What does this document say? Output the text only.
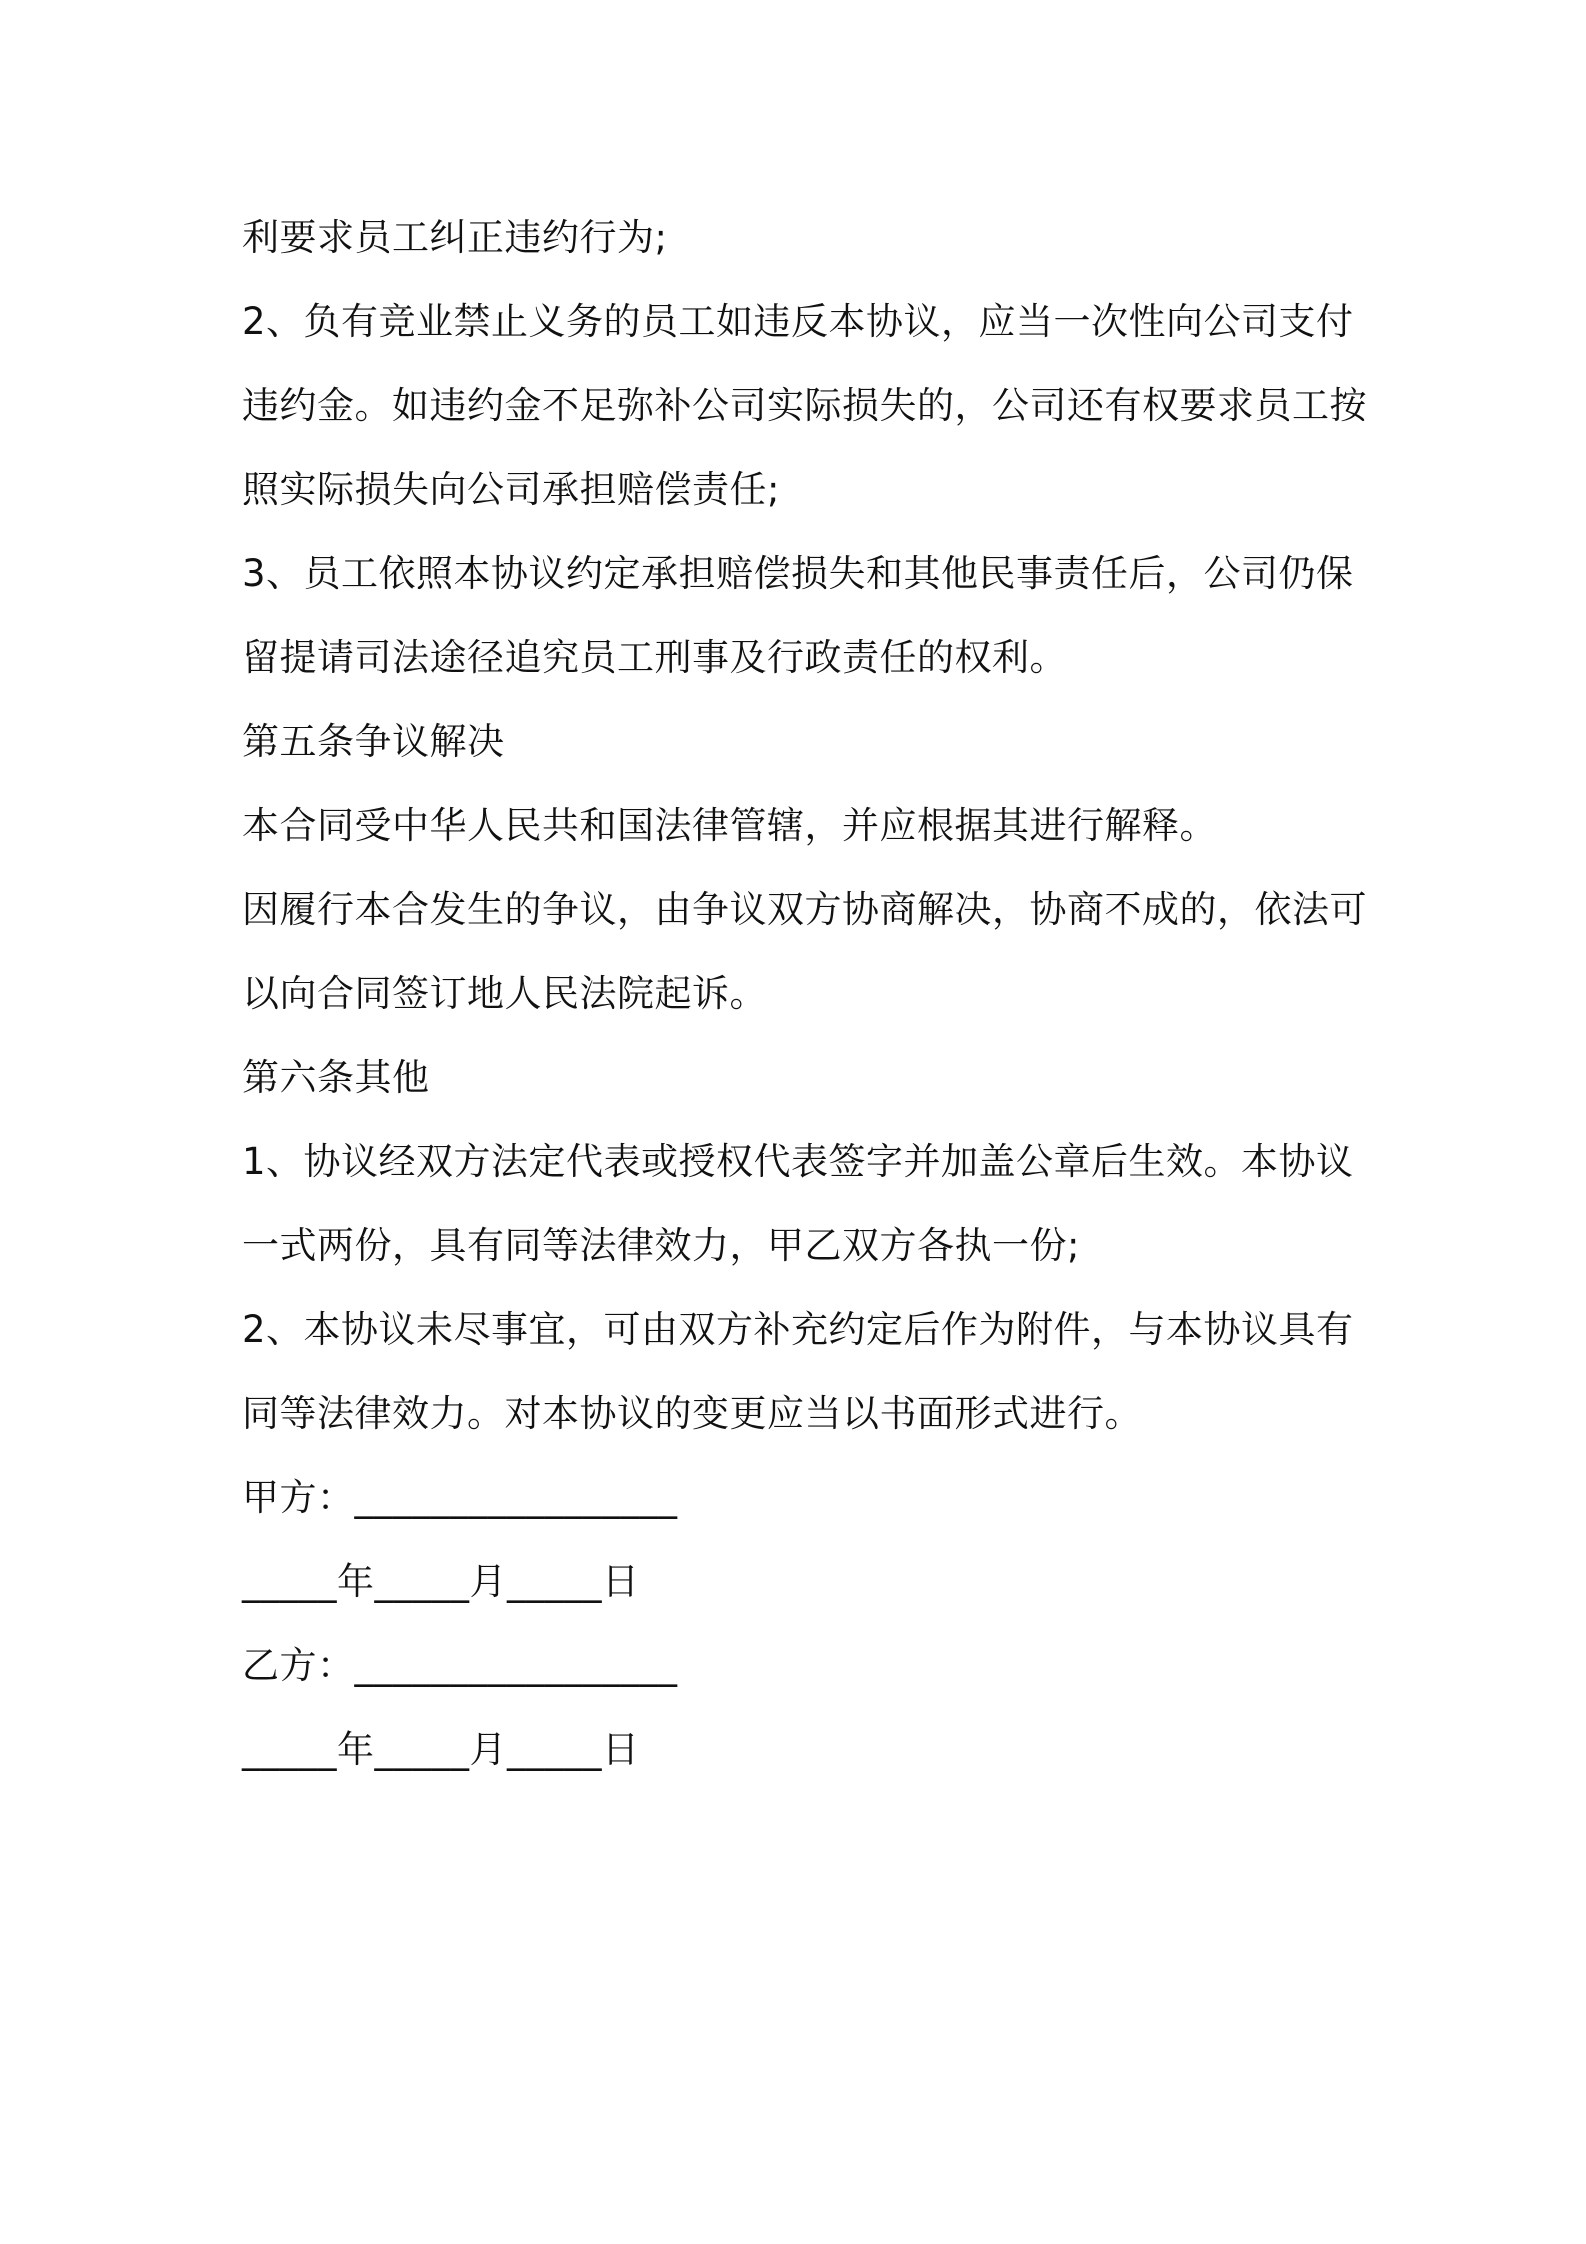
利要求员工纠正违约行为;
2、负有竞业禁止义务的员工如违反本协议，应当一次性向公司支付
违约金。如违约金不足弥补公司实际损失的，公司还有权要求员工按
照实际损失向公司承担赔偿责任;
3、员工依照本协议约定承担赔偿损失和其他民事责任后，公司仍保
留提请司法途径追究员工刑事及行政责任的权利。
第五条争议解决
本合同受中华人民共和国法律管辖，并应根据其进行解释。
因履行本合发生的争议，由争议双方协商解决，协商不成的，依法可
以向合同签订地人民法院起诉。
第六条其他
1、协议经双方法定代表或授权代表签字并加盖公章后生效。本协议
一式两份，具有同等法律效力，甲乙双方各执一份;
2、本协议未尽事宜，可由双方补充约定后作为附件，与本协议具有
同等法律效力。对本协议的变更应当以书面形式进行。
甲方：_________________
_____年_____月_____日
乙方：_________________
_____年_____月_____日
